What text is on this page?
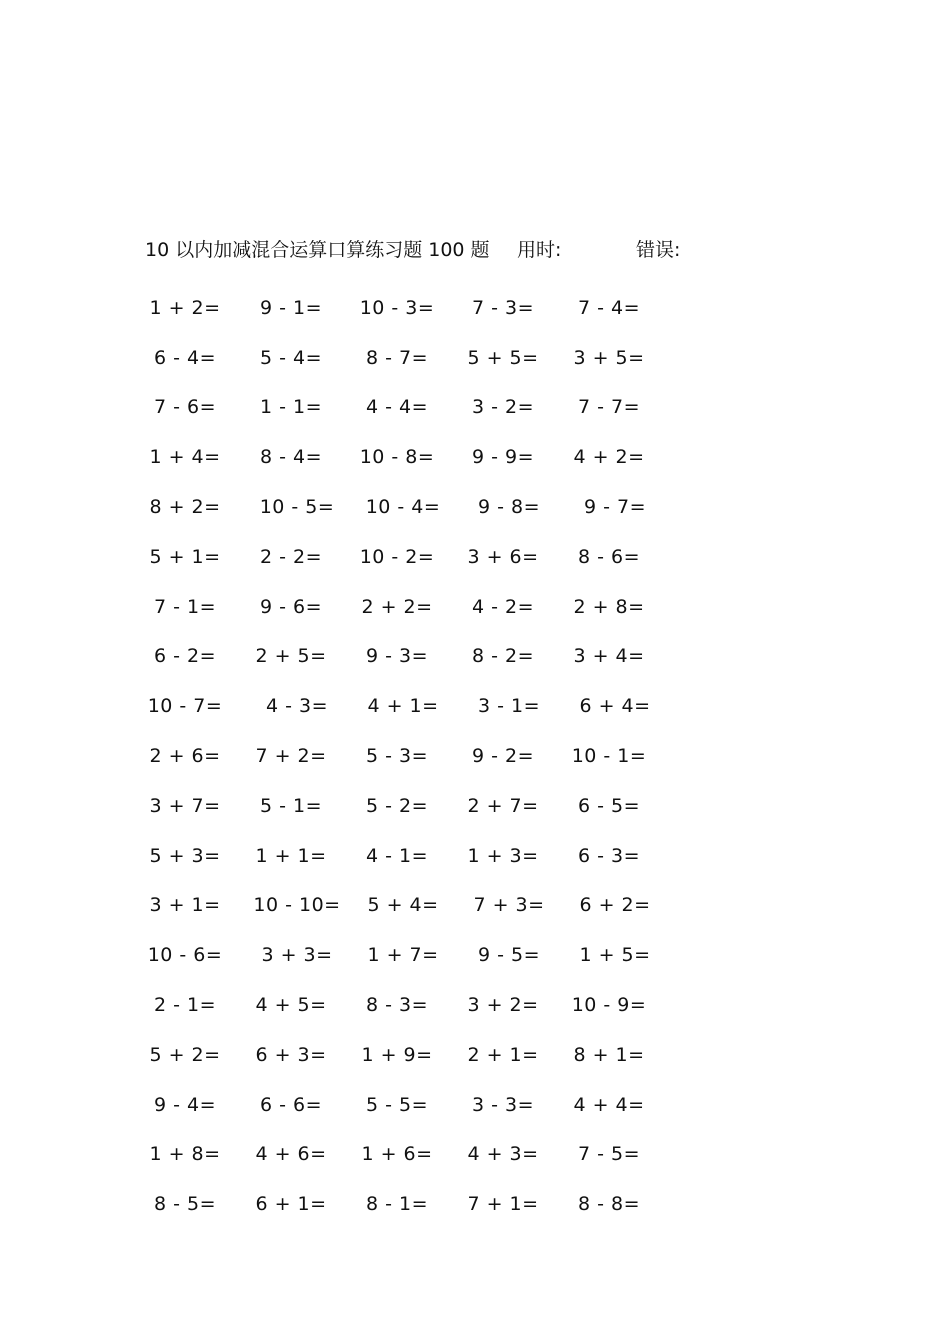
10 以内加减混合运算口算练习题 100 题 用时:	错误:
1 + 2=	9 - 1=	10 - 3=	7 - 3=	7 - 4=
6 - 4=	5 - 4=	8 - 7=	5 + 5=	3 + 5=
7 - 6=	1 - 1=	4 - 4=	3 - 2=	7 - 7=
1 + 4=	8 - 4=	10 - 8=	9 - 9=	4 + 2=
8 + 2=	10 - 5=	10 - 4=	9 - 8=	9 - 7=
5 + 1=	2 - 2=	10 - 2=	3 + 6=	8 - 6=
7 - 1=	9 - 6=	2 + 2=	4 - 2=	2 + 8=
6 - 2=	2 + 5=	9 - 3=	8 - 2=	3 + 4=
10 - 7=	4 - 3=	4 + 1=	3 - 1=	6 + 4=
2 + 6=	7 + 2=	5 - 3=	9 - 2=	10 - 1=
3 + 7=	5 - 1=	5 - 2=	2 + 7=	6 - 5=
5 + 3=	1 + 1=	4 - 1=	1 + 3=	6 - 3=
3 + 1=	10 - 10=	5 + 4=	7 + 3=	6 + 2=
10 - 6=	3 + 3=	1 + 7=	9 - 5=	1 + 5=
2 - 1=	4 + 5=	8 - 3=	3 + 2=	10 - 9=
5 + 2=	6 + 3=	1 + 9=	2 + 1=	8 + 1=
9 - 4=	6 - 6=	5 - 5=	3 - 3=	4 + 4=
1 + 8=	4 + 6=	1 + 6=	4 + 3=	7 - 5=
8 - 5=	6 + 1=	8 - 1=	7 + 1=	8 - 8=
